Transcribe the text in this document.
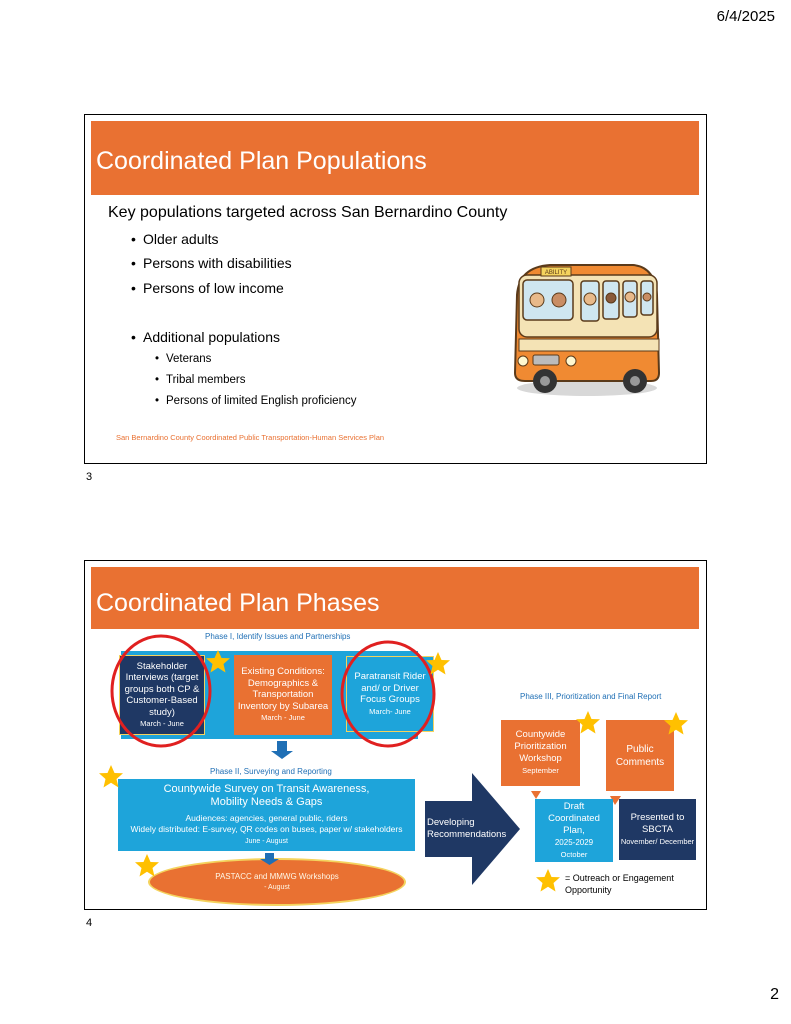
6/4/2025
Coordinated Plan Populations
Key populations targeted across San Bernardino County
• Older adults
• Persons with disabilities
• Persons of low income
• Additional populations
• Veterans
• Tribal members
• Persons of limited English proficiency
ABILITY
San Bernardino County Coordinated Public Transportation-Human Services Plan
3
Coordinated Plan Phases
Phase I, Identify Issues and Partnerships
Stakeholder Interviews (target groups both CP & Customer-Based study)
March - June
Existing Conditions: Demographics & Transportation Inventory by Subarea
March - June
Paratransit Rider and/ or Driver Focus Groups
March- June
Phase II, Surveying and Reporting
Countywide Survey on Transit Awareness, Mobility Needs & Gaps
Audiences: agencies, general public, riders
Widely distributed: E-survey, QR codes on buses, paper w/ stakeholders
June - August
PASTACC and MMWG Workshops
- August
Developing Recommendations
Phase III, Prioritization and Final Report
Countywide Prioritization Workshop
September
Public Comments
Draft Coordinated Plan,
2025-2029
October
Presented to SBCTA
November/ December
= Outreach or Engagement Opportunity
4
2
